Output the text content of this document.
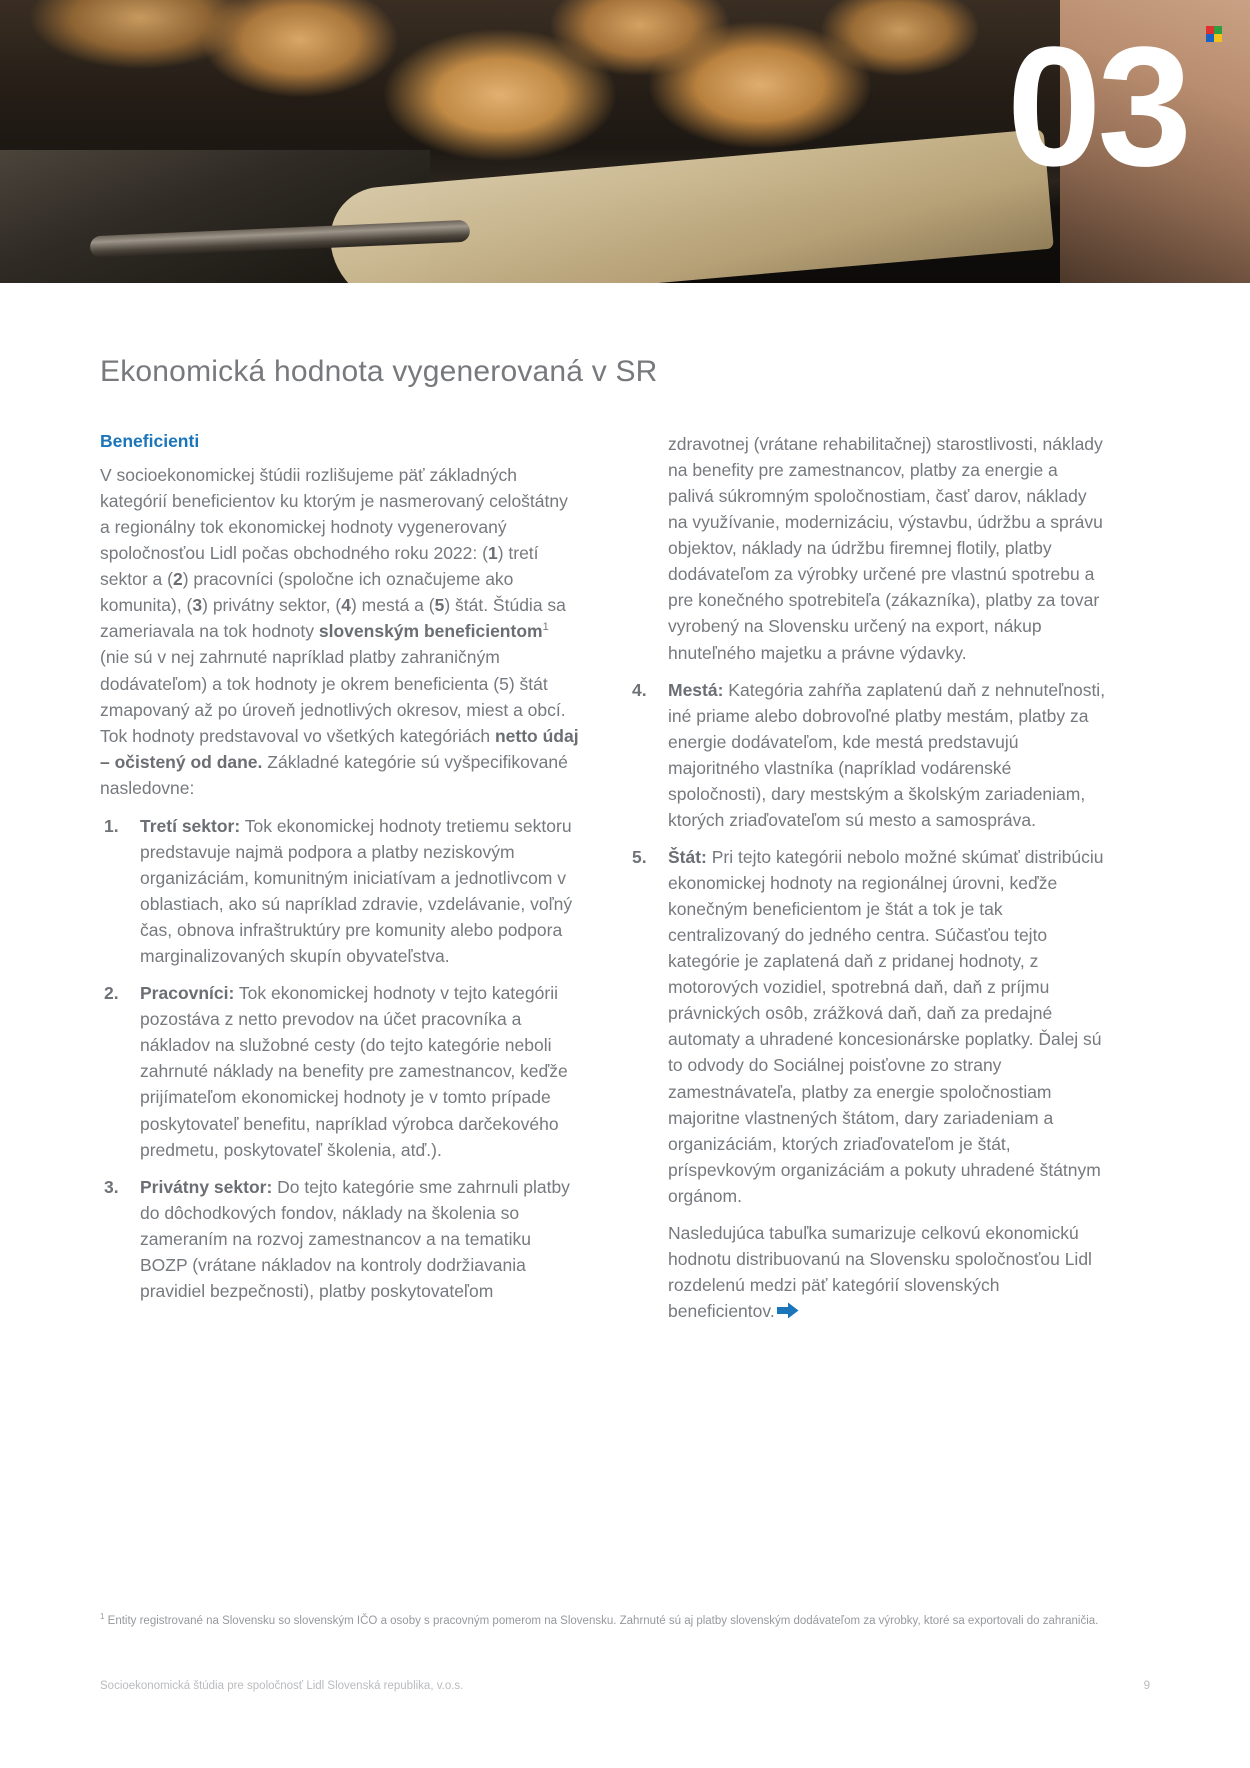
03
Ekonomická hodnota vygenerovaná v SR
Beneficienti

V socioekonomickej štúdii rozlišujeme päť základných kategórií beneficientov ku ktorým je nasmerovaný celoštátny a regionálny tok ekonomickej hodnoty vygenerovaný spoločnosťou Lidl počas obchodného roku 2022: (1) tretí sektor a (2) pracovníci (spoločne ich označujeme ako komunita), (3) privátny sektor, (4) mestá a (5) štát. Štúdia sa zameriavala na tok hodnoty slovenským beneficientom$^1$ (nie sú v nej zahrnuté napríklad platby zahraničným dodávateľom) a tok hodnoty je okrem beneficienta (5) štát zmapovaný až po úroveň jednotlivých okresov, miest a obcí. Tok hodnoty predstavoval vo všetkých kategóriách netto údaj – očistený od dane. Základné kategórie sú vyšpecifikované nasledovne:

1. Tretí sektor: Tok ekonomickej hodnoty tretiemu sektoru predstavuje najmä podpora a platby neziskovým organizáciám, komunitným iniciatívam a jednotlivcom v oblastiach, ako sú napríklad zdravie, vzdelávanie, voľný čas, obnova infraštruktúry pre komunity alebo podpora marginalizovaných skupín obyvateľstva.
2. Pracovníci: Tok ekonomickej hodnoty v tejto kategórii pozostáva z netto prevodov na účet pracovníka a nákladov na služobné cesty (do tejto kategórie neboli zahrnuté náklady na benefity pre zamestnancov, keďže prijímateľom ekonomickej hodnoty je v tomto prípade poskytovateľ benefitu, napríklad výrobca darčekového predmetu, poskytovateľ školenia, atď.).
3. Privátny sektor: Do tejto kategórie sme zahrnuli platby do dôchodkových fondov, náklady na školenia so zameraním na rozvoj zamestnancov a na tematiku BOZP (vrátane nákladov na kontroly dodržiavania pravidiel bezpečnosti), platby poskytovateľom

zdravotnej (vrátane rehabilitačnej) starostlivosti, náklady na benefity pre zamestnancov, platby za energie a palivá súkromným spoločnostiam, časť darov, náklady na využívanie, modernizáciu, výstavbu, údržbu a správu objektov, náklady na údržbu firemnej flotily, platby dodávateľom za výrobky určené pre vlastnú spotrebu a pre konečného spotrebiteľa (zákazníka), platby za tovar vyrobený na Slovensku určený na export, nákup hnuteľného majetku a právne výdavky.

4. Mestá: Kategória zahŕňa zaplatenú daň z nehnuteľnosti, iné priame alebo dobrovoľné platby mestám, platby za energie dodávateľom, kde mestá predstavujú majoritného vlastníka (napríklad vodárenské spoločnosti), dary mestským a školským zariadeniam, ktorých zriaďovateľom sú mesto a samospráva.
5. Štát: Pri tejto kategórii nebolo možné skúmať distribúciu ekonomickej hodnoty na regionálnej úrovni, keďže konečným beneficientom je štát a tok je tak centralizovaný do jedného centra. Súčasťou tejto kategórie je zaplatená daň z pridanej hodnoty, z motorových vozidiel, spotrebná daň, daň z príjmu právnických osôb, zrážková daň, daň za predajné automaty a uhradené koncesionárske poplatky. Ďalej sú to odvody do Sociálnej poisťovne zo strany zamestnávateľa, platby za energie spoločnostiam majoritne vlastnených štátom, dary zariadeniam a organizáciám, ktorých zriaďovateľom je štát, príspevkovým organizáciám a pokuty uhradené štátnym orgánom.

Nasledujúca tabuľka sumarizuje celkovú ekonomickú hodnotu distribuovanú na Slovensku spoločnosťou Lidl rozdelenú medzi päť kategórií slovenských beneficientov.

$^1$ Entity registrované na Slovensku so slovenským IČO a osoby s pracovným pomerom na Slovensku. Zahrnuté sú aj platby slovenským dodávateľom za výrobky, ktoré sa exportovali do zahraničia.
Socioekonomická štúdia pre spoločnosť Lidl Slovenská republika, v.o.s.	9
